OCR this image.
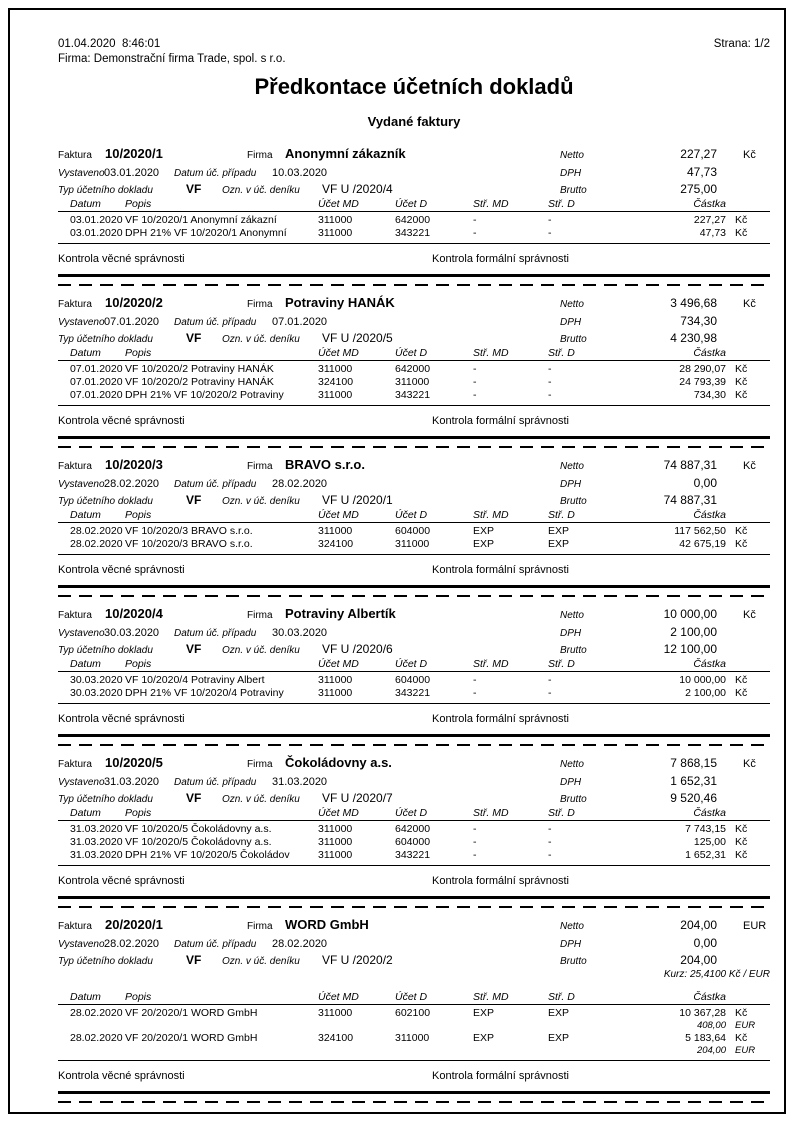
01.04.2020  8:46:01	Strana: 1/2
Firma: Demonstrační firma Trade, spol. s r.o.
Předkontace účetních dokladů
Vydané faktury
Faktura	10/2020/1	Firma Anonymní zákazník	Netto	227,27	Kč
Vystaveno 03.01.2020	Datum úč. případu	10.03.2020	DPH	47,73
Typ účetního dokladu	VF	Ozn. v úč. deníku	VF U /2020/4	Brutto	275,00
Datum	Popis	Účet MD	Účet D	Stř. MD	Stř. D	Částka
03.01.2020 VF 10/2020/1 Anonymní zákazní	311000	642000	-	-	227,27 Kč
03.01.2020 DPH 21% VF 10/2020/1 Anonymní	311000	343221	-	-	47,73 Kč
Kontrola věcné správnosti	Kontrola formální správnosti
Faktura	10/2020/2	Firma Potraviny HANÁK	Netto	3 496,68	Kč
Vystaveno 07.01.2020	Datum úč. případu	07.01.2020	DPH	734,30
Typ účetního dokladu	VF	Ozn. v úč. deníku	VF U /2020/5	Brutto	4 230,98
Datum	Popis	Účet MD	Účet D	Stř. MD	Stř. D	Částka
07.01.2020 VF 10/2020/2 Potraviny HANÁK	311000	642000	-	-	28 290,07 Kč
07.01.2020 VF 10/2020/2 Potraviny HANÁK	324100	311000	-	-	24 793,39 Kč
07.01.2020 DPH 21% VF 10/2020/2 Potraviny	311000	343221	-	-	734,30 Kč
Kontrola věcné správnosti	Kontrola formální správnosti
Faktura	10/2020/3	Firma BRAVO s.r.o.	Netto	74 887,31	Kč
Vystaveno 28.02.2020	Datum úč. případu	28.02.2020	DPH	0,00
Typ účetního dokladu	VF	Ozn. v úč. deníku	VF U /2020/1	Brutto	74 887,31
Datum	Popis	Účet MD	Účet D	Stř. MD	Stř. D	Částka
28.02.2020 VF 10/2020/3 BRAVO s.r.o.	311000	604000	EXP	EXP	117 562,50 Kč
28.02.2020 VF 10/2020/3 BRAVO s.r.o.	324100	311000	EXP	EXP	42 675,19 Kč
Kontrola věcné správnosti	Kontrola formální správnosti
Faktura	10/2020/4	Firma Potraviny Albertík	Netto	10 000,00	Kč
Vystaveno 30.03.2020	Datum úč. případu	30.03.2020	DPH	2 100,00
Typ účetního dokladu	VF	Ozn. v úč. deníku	VF U /2020/6	Brutto	12 100,00
Datum	Popis	Účet MD	Účet D	Stř. MD	Stř. D	Částka
30.03.2020 VF 10/2020/4 Potraviny Albert	311000	604000	-	-	10 000,00 Kč
30.03.2020 DPH 21% VF 10/2020/4 Potraviny	311000	343221	-	-	2 100,00 Kč
Kontrola věcné správnosti	Kontrola formální správnosti
Faktura	10/2020/5	Firma Čokoládovny a.s.	Netto	7 868,15	Kč
Vystaveno 31.03.2020	Datum úč. případu	31.03.2020	DPH	1 652,31
Typ účetního dokladu	VF	Ozn. v úč. deníku	VF U /2020/7	Brutto	9 520,46
Datum	Popis	Účet MD	Účet D	Stř. MD	Stř. D	Částka
31.03.2020 VF 10/2020/5 Čokoládovny a.s.	311000	642000	-	-	7 743,15 Kč
31.03.2020 VF 10/2020/5 Čokoládovny a.s.	311000	604000	-	-	125,00 Kč
31.03.2020 DPH 21% VF 10/2020/5 Čokoládov	311000	343221	-	-	1 652,31 Kč
Kontrola věcné správnosti	Kontrola formální správnosti
Faktura	20/2020/1	Firma WORD GmbH	Netto	204,00	EUR
Vystaveno 28.02.2020	Datum úč. případu	28.02.2020	DPH	0,00
Typ účetního dokladu	VF	Ozn. v úč. deníku	VF U /2020/2	Brutto	204,00
Kurz: 25,4100 Kč / EUR
Datum	Popis	Účet MD	Účet D	Stř. MD	Stř. D	Částka
28.02.2020 VF 20/2020/1 WORD GmbH	311000	602100	EXP	EXP	10 367,28 Kč
408,00 EUR
28.02.2020 VF 20/2020/1 WORD GmbH	324100	311000	EXP	EXP	5 183,64 Kč
204,00 EUR
Kontrola věcné správnosti	Kontrola formální správnosti
